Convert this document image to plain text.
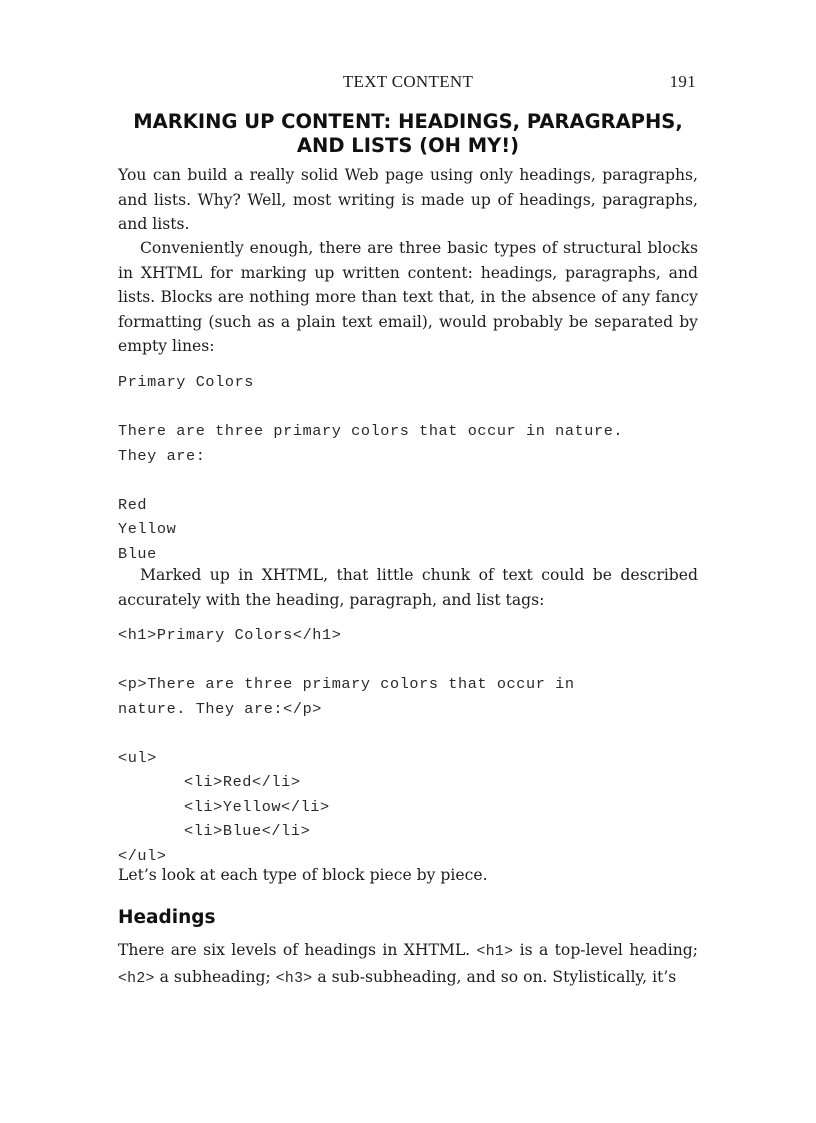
TEXT CONTENT	191
MARKING UP CONTENT: HEADINGS, PARAGRAPHS,
AND LISTS (OH MY!)

You can build a really solid Web page using only headings, paragraphs, and lists. Why? Well, most writing is made up of headings, paragraphs, and lists.

Conveniently enough, there are three basic types of structural blocks in XHTML for marking up written content: headings, paragraphs, and lists. Blocks are nothing more than text that, in the absence of any fancy formatting (such as a plain text email), would probably be separated by empty lines:

Primary Colors
There are three primary colors that occur in nature.
They are:
Red
Yellow
Blue

Marked up in XHTML, that little chunk of text could be described accurately with the heading, paragraph, and list tags:

<h1>Primary Colors</h1>
<p>There are three primary colors that occur in
nature. They are:</p>
<ul>
<li>Red</li>
<li>Yellow</li>
<li>Blue</li>
</ul>

Let’s look at each type of block piece by piece.

Headings

There are six levels of headings in XHTML. <h1> is a top-level heading; <h2> a subheading; <h3> a sub-subheading, and so on. Stylistically, it’s
